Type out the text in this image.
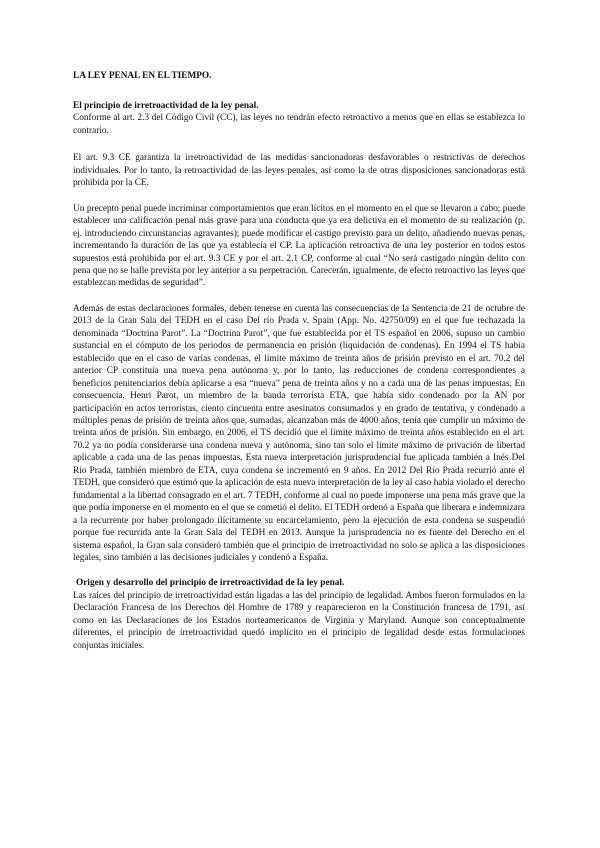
LA LEY PENAL EN EL TIEMPO.
El principio de irretroactividad de la ley penal.

Conforme al art. 2.3 del Código Civil (CC), las leyes no tendrán efecto retroactivo a menos que en ellas se establezca lo contrario.

El art. 9.3 CE garantiza la irretroactividad de las medidas sancionadoras desfavorables o restrictivas de derechos individuales. Por lo tanto, la retroactividad de las leyes penales, así como la de otras disposiciones sancionadoras está prohibida por la CE.

Un precepto penal puede incriminar comportamientos que eran lícitos en el momento en el que se llevaron a cabo; puede establecer una calificación penal más grave para una conducta que ya era delictiva en el momento de su realización (p. ej. introduciendo circunstancias agravantes); puede modificar el castigo previsto para un delito, añadiendo nuevas penas, incrementando la duración de las que ya establecía el CP. La aplicación retroactiva de una ley posterior en todos estos supuestos está prohibida por el art. 9.3 CE y por el art. 2.1 CP, conforme al cual “No será castigado ningún delito con pena que no se halle prevista por ley anterior a su perpetración. Carecerán, igualmente, de efecto retroactivo las leyes que establezcan medidas de seguridad”.

Además de estas declaraciones formales, deben tenerse en cuenta las consecuencias de la Sentencia de 21 de octubre de 2013 de la Gran Sala del TEDH en el caso Del río Prada v. Spain (App. No. 42750/09) en el que fue rechazada la denominada “Doctrina Parot”. La “Doctrina Parot”, que fue establecida por el TS español en 2006, supuso un cambio sustancial en el cómputo de los periodos de permanencia en prisión (liquidación de condenas). En 1994 el TS había establecido que en el caso de varias condenas, el límite máximo de treinta años de prisión previsto en el art. 70.2 del anterior CP constituía una nueva pena autónoma y, por lo tanto, las reducciones de condena correspondientes a beneficios penitenciarios debía aplicarse a esa “nueva” pena de treinta años y no a cada una de las penas impuestas. En consecuencia, Henri Parot, un miembro de la banda terrorista ETA, que había sido condenado por la AN por participación en actos terroristas, ciento cincuenta entre asesinatos consumados y en grado de tentativa, y condenado a múltiples penas de prisión de treinta años que, sumadas, alcanzaban más de 4000 años, tenía que cumplir un máximo de treinta años de prisión. Sin embargo, en 2006, el TS decidió que el límite máximo de treinta años establecido en el art. 70.2 ya no podía considerarse una condena nueva y autónoma, sino tan solo el límite máximo de privación de libertad aplicable a cada una de las penas impuestas. Esta nueva interpretación jurisprudencial fue aplicada también a Inés Del Río Prada, también miembro de ETA, cuya condena se incrementó en 9 años. En 2012 Del Río Prada recurrió ante el TEDH, que consideró que estimó que la aplicación de esta nueva interpretación de la ley al caso había violado el derecho fundamental a la libertad consagrado en el art. 7 TEDH, conforme al cual no puede imponerse una pena más grave que la que podía imponerse en el momento en el que se cometió el delito. El TEDH ordenó a España que liberara e indemnizara a la recurrente por haber prolongado ilícitamente su encarcelamiento, pero la ejecución de esta condena se suspendió porque fue recurrida ante la Gran Sala del TEDH en 2013. Aunque la jurisprudencia no es fuente del Derecho en el sistema español, la Gran sala consideró también que el principio de irretroactividad no solo se aplica a las disposiciones legales, sino también a las decisiones judiciales y condenó a España.

Origen y desarrollo del principio de irretroactividad de la ley penal.

Las raíces del principio de irretroactividad están ligadas a las del principio de legalidad. Ambos fueron formulados en la Declaración Francesa de los Derechos del Hombre de 1789 y reaparecieron en la Constitución francesa de 1791, así como en las Declaraciones de los Estados norteamericanos de Virginia y Maryland. Aunque son conceptualmente diferentes, el principio de irretroactividad quedó implícito en el principio de legalidad desde estas formulaciones conjuntas iniciales.
